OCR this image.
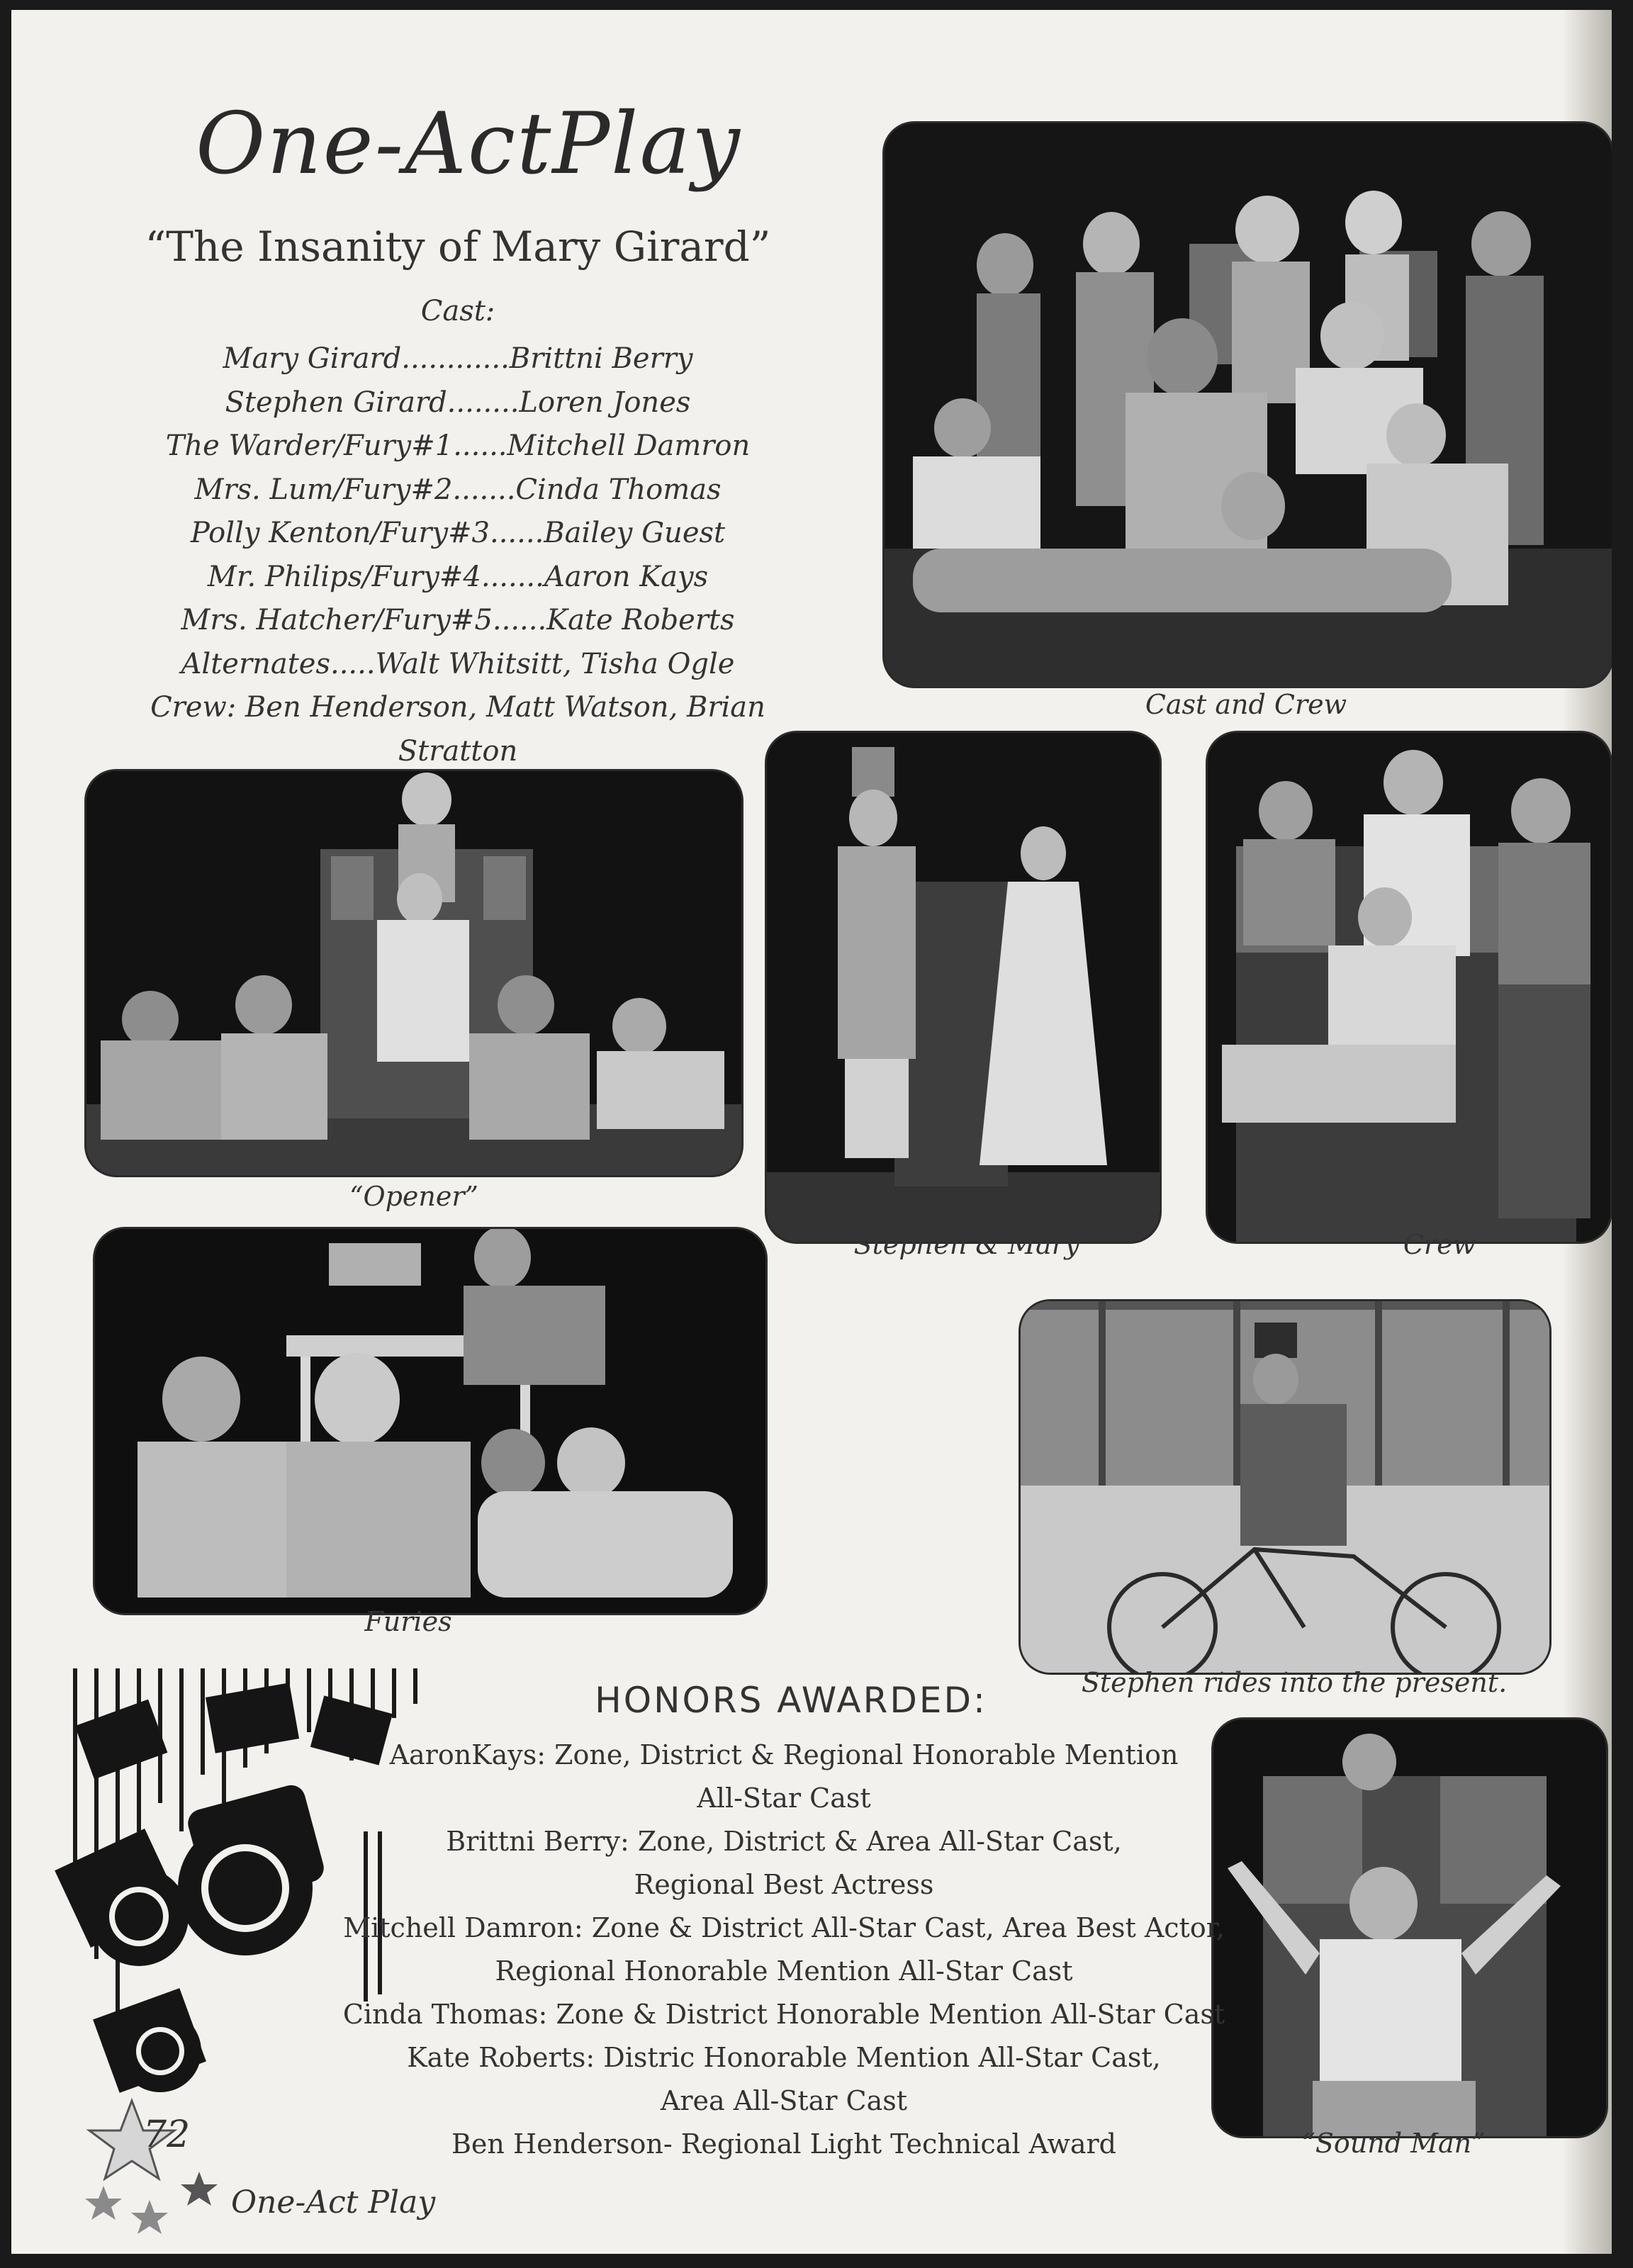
One-ActPlay
“The Insanity of Mary Girard”
Cast:
Mary Girard............Brittni Berry
Stephen Girard........Loren Jones
The Warder/Fury#1......Mitchell Damron
Mrs. Lum/Fury#2.......Cinda Thomas
Polly Kenton/Fury#3......Bailey Guest
Mr. Philips/Fury#4.......Aaron Kays
Mrs. Hatcher/Fury#5......Kate Roberts
Alternates.....Walt Whitsitt, Tisha Ogle
Crew: Ben Henderson, Matt Watson, Brian Stratton
Cast and Crew
“Opener”
Stephen & Mary	Crew
Furies
Stephen rides into the present.
“Sound Man”
HONORS AWARDED:
AaronKays: Zone, District & Regional Honorable Mention
All-Star Cast
Brittni Berry: Zone, District & Area All-Star Cast,
Regional Best Actress
Mitchell Damron: Zone & District All-Star Cast, Area Best Actor,
Regional Honorable Mention All-Star Cast
Cinda Thomas: Zone & District Honorable Mention All-Star Cast
Kate Roberts: Distric Honorable Mention All-Star Cast,
Area All-Star Cast
Ben Henderson- Regional Light Technical Award
72
One-Act Play
